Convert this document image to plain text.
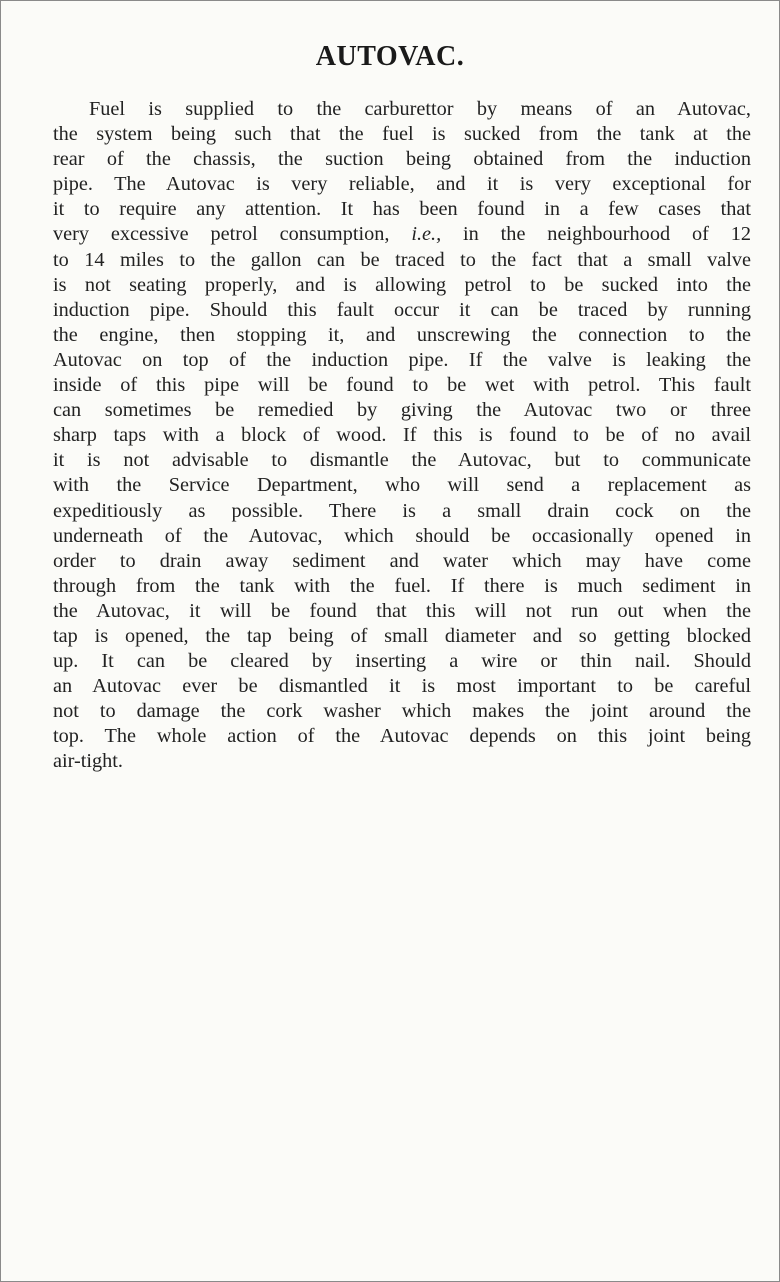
AUTOVAC.
Fuel is supplied to the carburettor by means of an Autovac,
the system being such that the fuel is sucked from the tank at the
rear of the chassis, the suction being obtained from the induction
pipe. The Autovac is very reliable, and it is very exceptional for
it to require any attention. It has been found in a few cases that
very excessive petrol consumption, i.e., in the neighbourhood of 12
to 14 miles to the gallon can be traced to the fact that a small valve
is not seating properly, and is allowing petrol to be sucked into the
induction pipe. Should this fault occur it can be traced by running
the engine, then stopping it, and unscrewing the connection to the
Autovac on top of the induction pipe. If the valve is leaking the
inside of this pipe will be found to be wet with petrol. This fault
can sometimes be remedied by giving the Autovac two or three
sharp taps with a block of wood. If this is found to be of no avail
it is not advisable to dismantle the Autovac, but to communicate
with the Service Department, who will send a replacement as
expeditiously as possible. There is a small drain cock on the
underneath of the Autovac, which should be occasionally opened in
order to drain away sediment and water which may have come
through from the tank with the fuel. If there is much sediment in
the Autovac, it will be found that this will not run out when the
tap is opened, the tap being of small diameter and so getting blocked
up. It can be cleared by inserting a wire or thin nail. Should
an Autovac ever be dismantled it is most important to be careful
not to damage the cork washer which makes the joint around the
top. The whole action of the Autovac depends on this joint being
air-tight.
